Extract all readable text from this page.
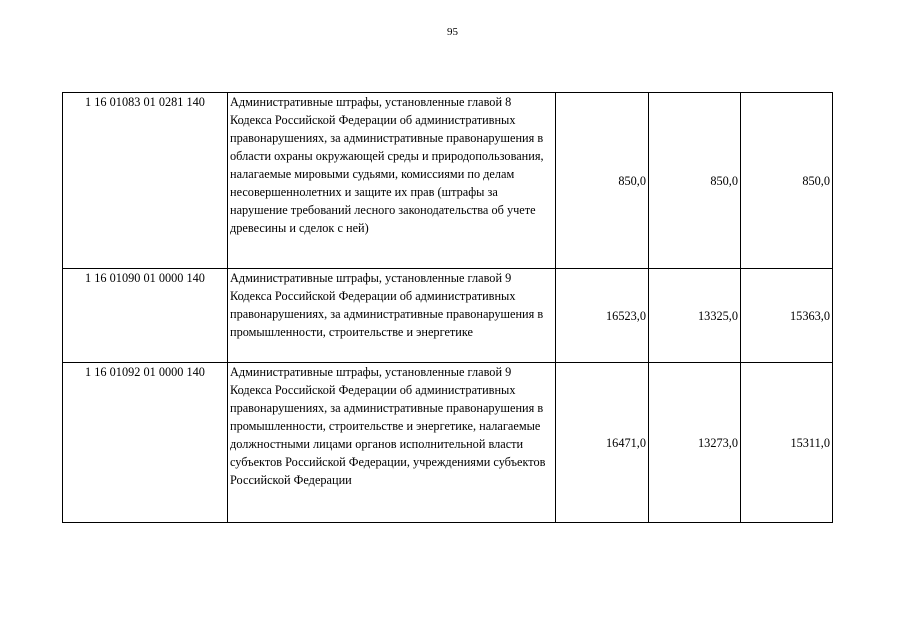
95
1 16 01083 01 0281 140	Административные штрафы, установленные главой 8 Кодекса Российской Федерации об административных правонарушениях, за административные правонарушения в области охраны окружающей среды и природопользования, налагаемые мировыми судьями, комиссиями по делам несовершеннолетних и защите их прав (штрафы за нарушение требований лесного законодательства об учете древесины и сделок с ней)	850,0	850,0	850,0
1 16 01090 01 0000 140	Административные штрафы, установленные главой 9 Кодекса Российской Федерации об административных правонарушениях, за административные правонарушения в промышленности, строительстве и энергетике	16523,0	13325,0	15363,0
1 16 01092 01 0000 140	Административные штрафы, установленные главой 9 Кодекса Российской Федерации об административных правонарушениях, за административные правонарушения в промышленности, строительстве и энергетике, налагаемые должностными лицами органов исполнительной власти субъектов Российской Федерации, учреждениями субъектов Российской Федерации	16471,0	13273,0	15311,0
